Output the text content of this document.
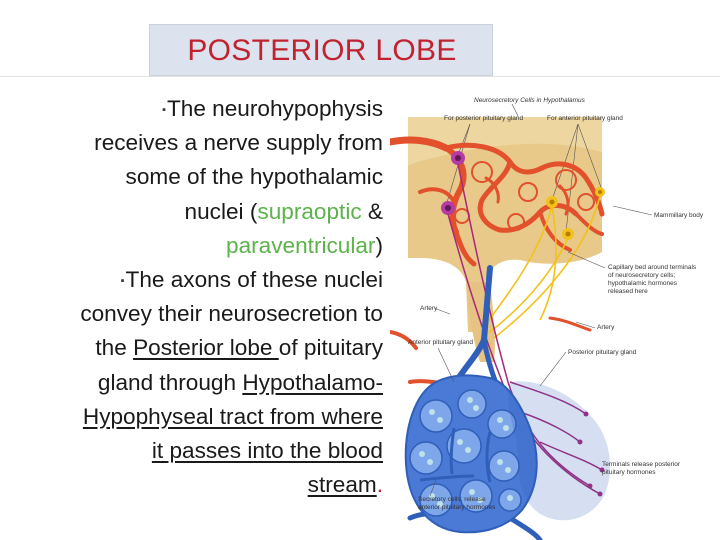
POSTERIOR LOBE
▪The neurohypophysis
receives a nerve supply from
some of the hypothalamic
nuclei (supraoptic &
paraventricular)
▪The axons of these nuclei
convey their neurosecretion to
the Posterior lobe of pituitary
gland through Hypothalamo-
Hypophyseal tract from where
it passes into the blood
stream.
Neurosecretory Cells in Hypothalamus
For posterior pituitary gland	For anterior pituitary gland
Mammillary body
Capillary bed around terminals
of neurosecretory cells;
hypothalamic hormones
released here
Artery
Artery
Anterior pituitary gland
Posterior pituitary gland
Terminals release posterior
pituitary hormones
Secretory cells; release
anterior pituitary hormones
